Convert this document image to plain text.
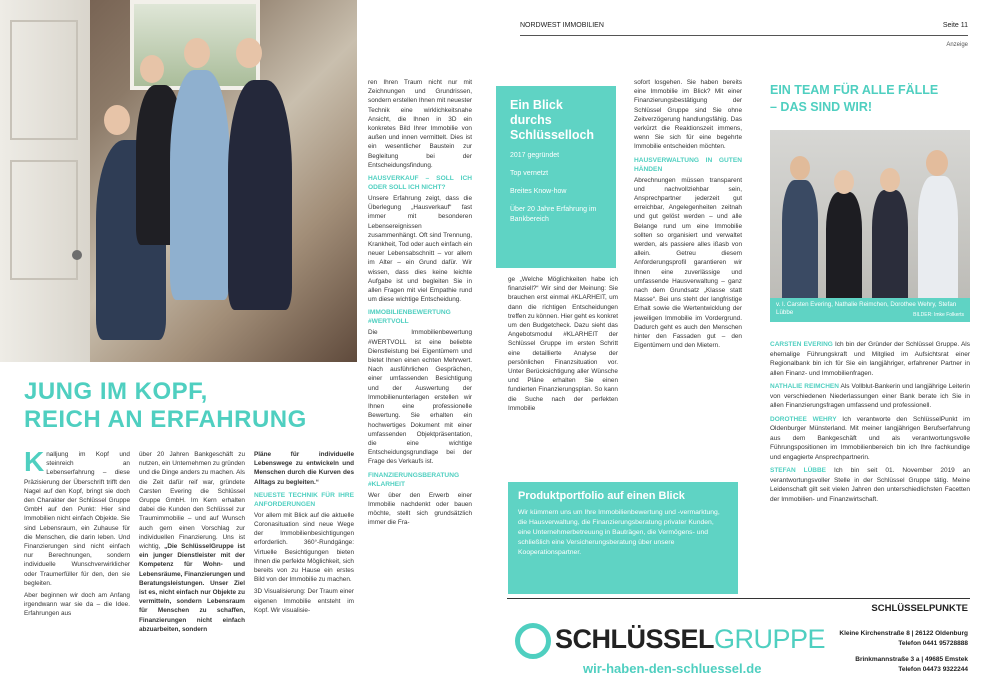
JUNG IM KOPF,
REICH AN ERFAHRUNG

Knalljung im Kopf und steinreich an Lebenserfahrung – diese Präzisierung der Überschrift trifft den Nagel auf den Kopf, bringt sie doch den Charakter der Schlüssel Gruppe GmbH auf den Punkt: Hier sind Immobilien nicht einfach Objekte. Sie sind Lebensraum, ein Zuhause für die Menschen, die darin leben. Und Finanzierungen sind nicht einfach nur Berechnungen, sondern individuelle Wunschverwirklicher oder Traumerfüller für den, den sie begleiten.

Aber beginnen wir doch am Anfang irgendwann war sie da – die Idee. Erfahrungen aus

über 20 Jahren Bankgeschäft zu nutzen, ein Unternehmen zu gründen und die Dinge anders zu machen. Als die Zeit dafür reif war, gründete Carsten Evering die Schlüssel Gruppe GmbH. Im Kern erhalten dabei die Kunden den Schlüssel zur Traumimmobilie – und auf Wunsch auch gern einen Vorschlag zur individuellen Finanzierung. Uns ist wichtig, „Die SchlüsselGruppe ist ein junger Dienstleister mit der Kompetenz für Wohn- und Lebensräume, Finanzierungen und Beratungsleistungen. Unser Ziel ist es, nicht einfach nur Objekte zu vermitteln, sondern Lebensraum für Menschen zu schaffen, Finanzierungen nicht einfach abzuarbeiten, sondern

Pläne für individuelle Lebenswege zu entwickeln und Menschen durch die Kurven des Alltags zu begleiten.“

NEUESTE TECHNIK FÜR IHRE ANFORDERUNGEN

Vor allem mit Blick auf die aktuelle Coronasituation sind neue Wege der Immobilienbesichtigungen erforderlich. 360°-Rundgänge: Virtuelle Besichtigungen bieten Ihnen die perfekte Möglichkeit, sich bereits von zu Hause ein erstes Bild von der Immobilie zu machen.

3D Visualisierung: Der Traum einer eigenen Immobilie entsteht im Kopf. Wir visualisie-

ren Ihren Traum nicht nur mit Zeichnungen und Grundrissen, sondern erstellen Ihnen mit neuester Technik eine wirklichkeitsnahe Ansicht, die Ihnen in 3D ein konkretes Bild Ihrer Immobilie von außen und innen vermittelt. Dies ist ein wesentlicher Baustein zur Begleitung bei der Entscheidungsfindung.

HAUSVERKAUF – SOLL ICH ODER SOLL ICH NICHT?

Unsere Erfahrung zeigt, dass die Überlegung „Hausverkauf“ fast immer mit besonderen Lebensereignissen zusammenhängt. Oft sind Trennung, Krankheit, Tod oder auch einfach ein neuer Lebensabschnitt – vor allem im Alter – ein Grund dafür. Wir wissen, dass dies keine leichte Aufgabe ist und begleiten Sie in allen Fragen mit viel Empathie rund um diese wichtige Entscheidung.

IMMOBILIENBEWERTUNG #WERTVOLL

Die Immobilienbewertung #WERTVOLL ist eine beliebte Dienstleistung bei Eigentümern und bietet Ihnen einen echten Mehrwert. Nach ausführlichen Gesprächen, einer umfassenden Besichtigung und der Auswertung der Immobilienunterlagen erstellen wir Ihnen eine professionelle Bewertung. Sie erhalten ein hochwertiges Dokument mit einer umfassenden Objektpräsentation, die eine wichtige Entscheidungsgrundlage bei der Frage des Verkaufs ist.

FINANZIERUNGSBERATUNG #KLARHEIT

Wer über den Erwerb einer Immobilie nachdenkt oder bauen möchte, stellt sich grundsätzlich immer die Fra-

NORDWEST IMMOBILIEN	Seite 11
Anzeige
Ein Blick durchs Schlüsselloch
2017 gegründet
Top vernetzt
Breites Know-how
Über 20 Jahre Erfahrung im Bankbereich

ge „Welche Möglichkeiten habe ich finanziell?“ Wir sind der Meinung: Sie brauchen erst einmal #KLARHEIT, um dann die richtigen Entscheidungen treffen zu können. Hier geht es konkret um den Budgetcheck. Dazu sieht das Angebotsmodul #KLARHEIT der Schlüssel Gruppe im ersten Schritt eine detaillierte Analyse der persönlichen Finanzsituation vor. Unter Berücksichtigung aller Wünsche und Pläne erhalten Sie einen fundierten Finanzierungsplan. So kann die Suche nach der perfekten Immobilie

sofort losgehen. Sie haben bereits eine Immobilie im Blick? Mit einer Finanzierungsbestätigung der Schlüssel Gruppe sind Sie ohne Zeitverzögerung handlungsfähig. Das verkürzt die Reaktionszeit immens, wenn Sie sich für eine begehrte Immobilie entscheiden möchten.

HAUSVERWALTUNG IN GUTEN HÄNDEN

Abrechnungen müssen transparent und nachvollziehbar sein, Ansprechpartner jederzeit gut erreichbar, Angelegenheiten zeitnah und gut gelöst werden – und alle Belange rund um eine Immobilie sollten so organisiert und verwaltet werden, als passiere alles ißasb von allein. Getreu diesem Anforderungsprofil garantieren wir Ihnen eine zuverlässige und umfassende Hausverwaltung – ganz nach dem Grundsatz „Klasse statt Masse“. Bei uns steht der langfristige Erhalt sowie die Wertentwicklung der jeweiligen Immobilie im Vordergrund. Dadurch geht es auch den Menschen hinter den Fassaden gut – den Eigentümern und den Mietern.

Produktportfolio auf einen Blick
Wir kümmern uns um Ihre Immobilienbewertung und -vermarktung, die Hausverwaltung, die Finanzierungsberatung privater Kunden, eine Unternehmerbetreuung in Bauträgen, die Vermögens- und schließlich eine Versicherungsberatung über unsere Kooperationspartner.
EIN TEAM FÜR ALLE FÄLLE
– DAS SIND WIR!
v. l. Carsten Evering, Nathalie Reimchen, Dorothee Wehry, Stefan Lübbe	BILDER: Imke Folkerts

CARSTEN EVERING Ich bin der Gründer der Schlüssel Gruppe. Als ehemalige Führungskraft und Mitglied im Aufsichtsrat einer Regionalbank bin ich für Sie ein langjähriger, erfahrener Partner in allen Finanz- und Immobilienfragen.

NATHALIE REIMCHEN Als Vollblut-Bankerin und langjährige Leiterin von verschiedenen Niederlassungen einer Bank berate ich Sie in allen Finanzierungsfragen umfassend und professionell.

DOROTHEE WEHRY Ich verantworte den SchlüsselPunkt im Oldenburger Münsterland. Mit meiner langjährigen Berufserfahrung aus dem Bankgeschäft und als verantwortungsvolle Führungspositionen im Immobilienbereich bin ich Ihre fachkundige und engagierte Ansprechpartnerin.

STEFAN LÜBBE Ich bin seit 01. November 2019 an verantwortungsvoller Stelle in der Schlüssel Gruppe tätig. Meine Leidenschaft gilt seit vielen Jahren den unterschiedlichsten Facetten der Immobilien- und Finanzwirtschaft.

SCHLÜSSELPUNKTE
SCHLÜSSELGRUPPE
wir-haben-den-schluessel.de
Kleine Kirchenstraße 8 | 26122 Oldenburg
Telefon 0441 95728888
Brinkmannstraße 3 a | 49685 Emstek
Telefon 04473 9322244
